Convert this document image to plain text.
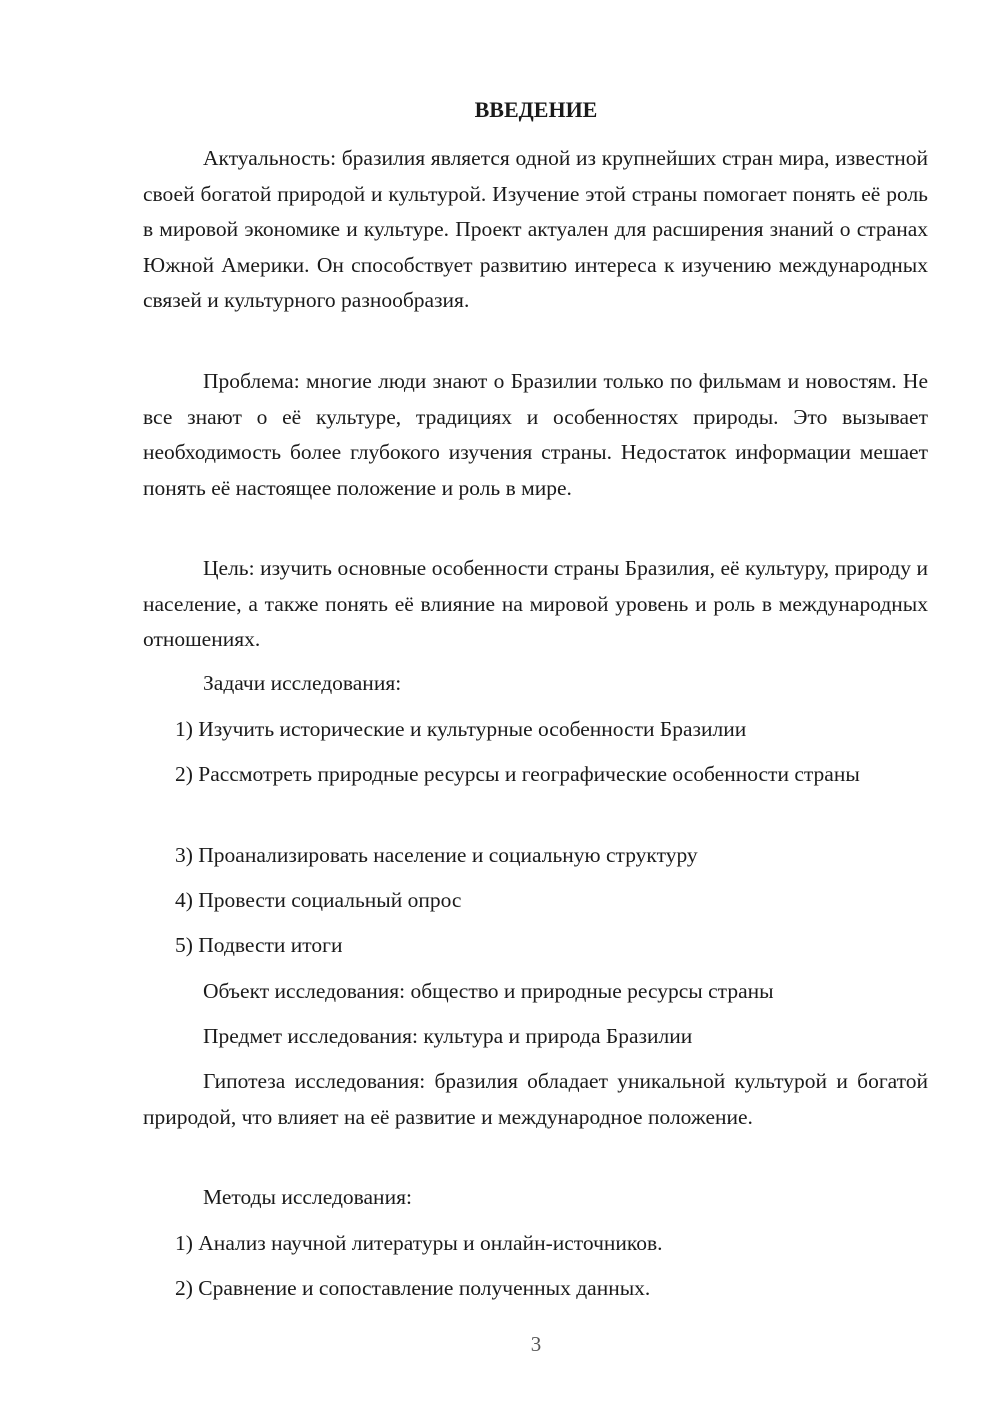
ВВЕДЕНИЕ

Актуальность: бразилия является одной из крупнейших стран мира, известной своей богатой природой и культурой. Изучение этой страны помогает понять её роль в мировой экономике и культуре. Проект актуален для расширения знаний о странах Южной Америки. Он способствует развитию интереса к изучению международных связей и культурного разнообразия.

Проблема: многие люди знают о Бразилии только по фильмам и новостям. Не все знают о её культуре, традициях и особенностях природы. Это вызывает необходимость более глубокого изучения страны. Недостаток информации мешает понять её настоящее положение и роль в мире.

Цель: изучить основные особенности страны Бразилия, её культуру, природу и население, а также понять её влияние на мировой уровень и роль в международных отношениях.

Задачи исследования:

1) Изучить исторические и культурные особенности Бразилии

2) Рассмотреть природные ресурсы и географические особенности страны

3) Проанализировать население и социальную структуру

4) Провести социальный опрос

5) Подвести итоги

Объект исследования: общество и природные ресурсы страны

Предмет исследования: культура и природа Бразилии

Гипотеза исследования: бразилия обладает уникальной культурой и богатой природой, что влияет на её развитие и международное положение.

Методы исследования:

1) Анализ научной литературы и онлайн-источников.

2) Сравнение и сопоставление полученных данных.

3
